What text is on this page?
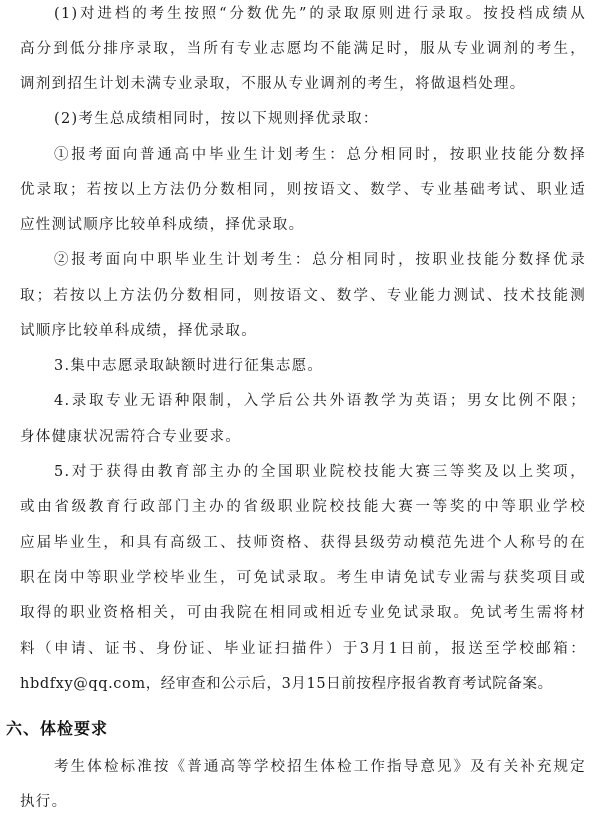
(1)对进档的考生按照“分数优先”的录取原则进行录取。按投档成绩从
高分到低分排序录取，当所有专业志愿均不能满足时，服从专业调剂的考生，
调剂到招生计划未满专业录取，不服从专业调剂的考生，将做退档处理。
(2)考生总成绩相同时，按以下规则择优录取：
①报考面向普通高中毕业生计划考生：总分相同时，按职业技能分数择
优录取；若按以上方法仍分数相同，则按语文、数学、专业基础考试、职业适
应性测试顺序比较单科成绩，择优录取。
②报考面向中职毕业生计划考生：总分相同时，按职业技能分数择优录
取；若按以上方法仍分数相同，则按语文、数学、专业能力测试、技术技能测
试顺序比较单科成绩，择优录取。
3.集中志愿录取缺额时进行征集志愿。
4.录取专业无语种限制，入学后公共外语教学为英语；男女比例不限；
身体健康状况需符合专业要求。
5.对于获得由教育部主办的全国职业院校技能大赛三等奖及以上奖项，
或由省级教育行政部门主办的省级职业院校技能大赛一等奖的中等职业学校
应届毕业生，和具有高级工、技师资格、获得县级劳动模范先进个人称号的在
职在岗中等职业学校毕业生，可免试录取。考生申请免试专业需与获奖项目或
取得的职业资格相关，可由我院在相同或相近专业免试录取。免试考生需将材
料（申请、证书、身份证、毕业证扫描件）于3月1日前，报送至学校邮箱：
hbdfxy@qq.com，经审查和公示后，3月15日前按程序报省教育考试院备案。
六、体检要求
考生体检标准按《普通高等学校招生体检工作指导意见》及有关补充规定
执行。
